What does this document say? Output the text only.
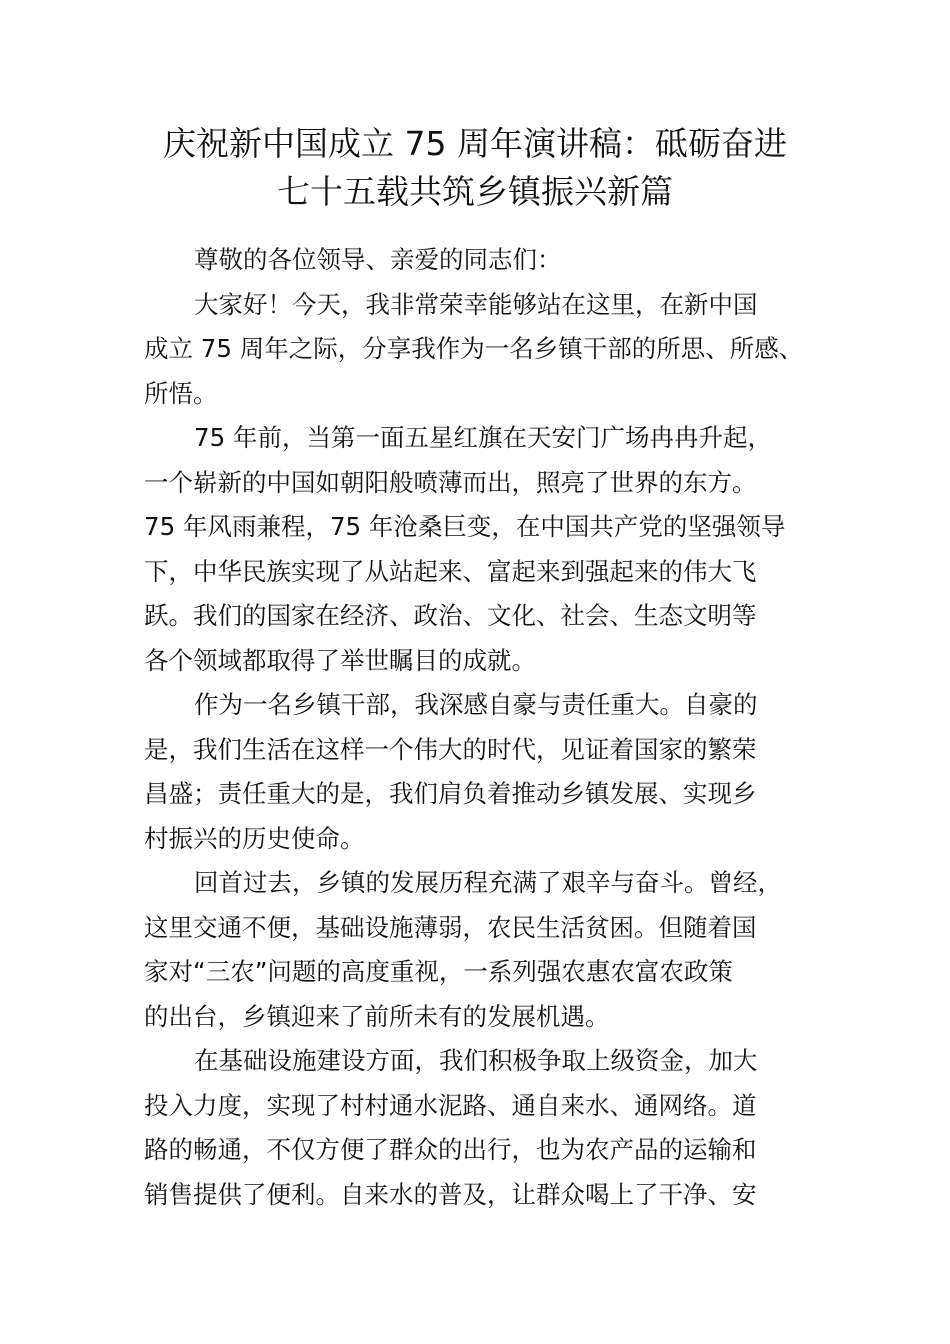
庆祝新中国成立 75 周年演讲稿：砥砺奋进
七十五载共筑乡镇振兴新篇
尊敬的各位领导、亲爱的同志们：
大家好！今天，我非常荣幸能够站在这里，在新中国
成立 75 周年之际，分享我作为一名乡镇干部的所思、所感、
所悟。
75 年前，当第一面五星红旗在天安门广场冉冉升起，
一个崭新的中国如朝阳般喷薄而出，照亮了世界的东方。
75 年风雨兼程，75 年沧桑巨变，在中国共产党的坚强领导
下，中华民族实现了从站起来、富起来到强起来的伟大飞
跃。我们的国家在经济、政治、文化、社会、生态文明等
各个领域都取得了举世瞩目的成就。
作为一名乡镇干部，我深感自豪与责任重大。自豪的
是，我们生活在这样一个伟大的时代，见证着国家的繁荣
昌盛；责任重大的是，我们肩负着推动乡镇发展、实现乡
村振兴的历史使命。
回首过去，乡镇的发展历程充满了艰辛与奋斗。曾经，
这里交通不便，基础设施薄弱，农民生活贫困。但随着国
家对“三农”问题的高度重视，一系列强农惠农富农政策
的出台，乡镇迎来了前所未有的发展机遇。
在基础设施建设方面，我们积极争取上级资金，加大
投入力度，实现了村村通水泥路、通自来水、通网络。道
路的畅通，不仅方便了群众的出行，也为农产品的运输和
销售提供了便利。自来水的普及，让群众喝上了干净、安
